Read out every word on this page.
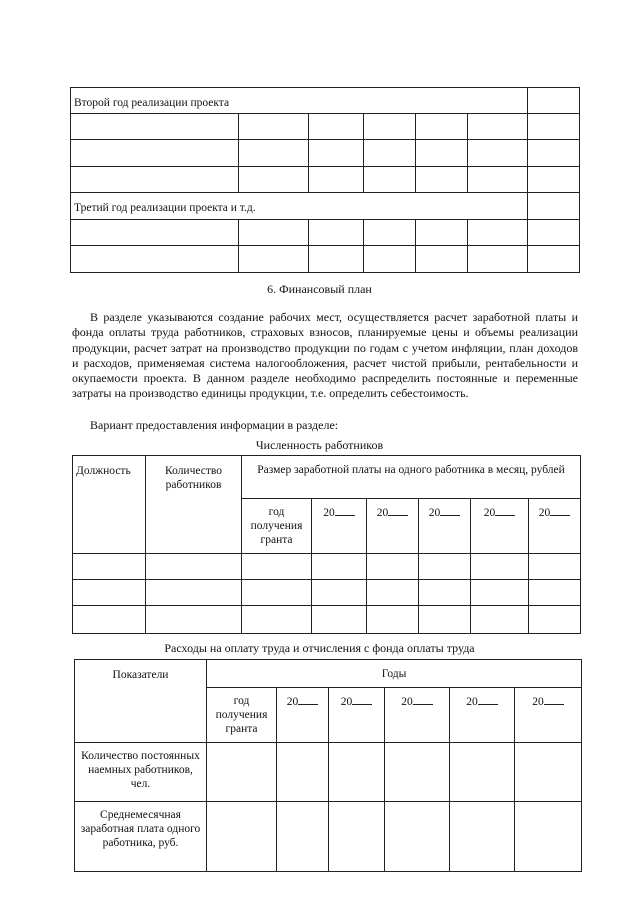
Второй год реализации проекта						

Третий год реализации проекта и т.д.						

6. Финансовый план
В разделе указываются создание рабочих мест, осуществляется расчет заработной платы и фонда оплаты труда работников, страховых взносов, планируемые цены и объемы реализации продукции, расчет затрат на производство продукции по годам с учетом инфляции, план доходов и расходов, применяемая система налогообложения, расчет чистой прибыли, рентабельности и окупаемости проекта. В данном разделе необходимо распределить постоянные и переменные затраты на производство единицы продукции, т.е. определить себестоимость.
Вариант предоставления информации в разделе:
Численность работников
Должность	Количество работников	Размер заработной платы на одного работника в месяц, рублей					
		год получения гранта	20	20	20	20	20

Расходы на оплату труда и отчисления с фонда оплаты труда
Показатели	Годы					
	год получения гранта	20	20	20	20	20
Количество постоянных наемных работников, чел.						
Среднемесячная заработная плата одного работника, руб.						
